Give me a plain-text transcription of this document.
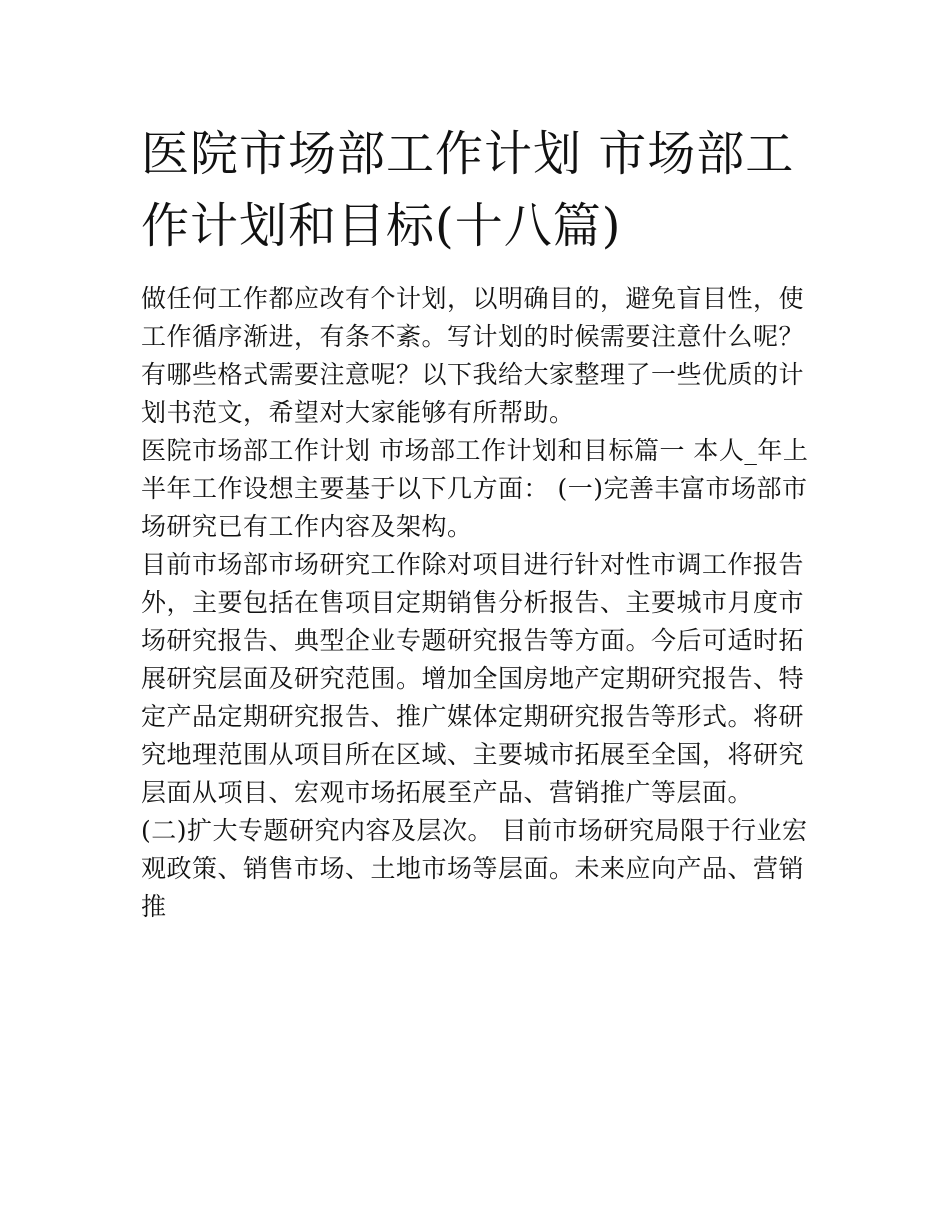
医院市场部工作计划 市场部工作计划和目标(十八篇)

做任何工作都应改有个计划，以明确目的，避免盲目性，使工作循序渐进，有条不紊。写计划的时候需要注意什么呢？有哪些格式需要注意呢？以下我给大家整理了一些优质的计划书范文，希望对大家能够有所帮助。

医院市场部工作计划 市场部工作计划和目标篇一 本人_年上半年工作设想主要基于以下几方面： (一)完善丰富市场部市场研究已有工作内容及架构。

目前市场部市场研究工作除对项目进行针对性市调工作报告外，主要包括在售项目定期销售分析报告、主要城市月度市场研究报告、典型企业专题研究报告等方面。今后可适时拓展研究层面及研究范围。增加全国房地产定期研究报告、特定产品定期研究报告、推广媒体定期研究报告等形式。将研究地理范围从项目所在区域、主要城市拓展至全国，将研究层面从项目、宏观市场拓展至产品、营销推广等层面。

(二)扩大专题研究内容及层次。 目前市场研究局限于行业宏观政策、销售市场、土地市场等层面。未来应向产品、营销推
